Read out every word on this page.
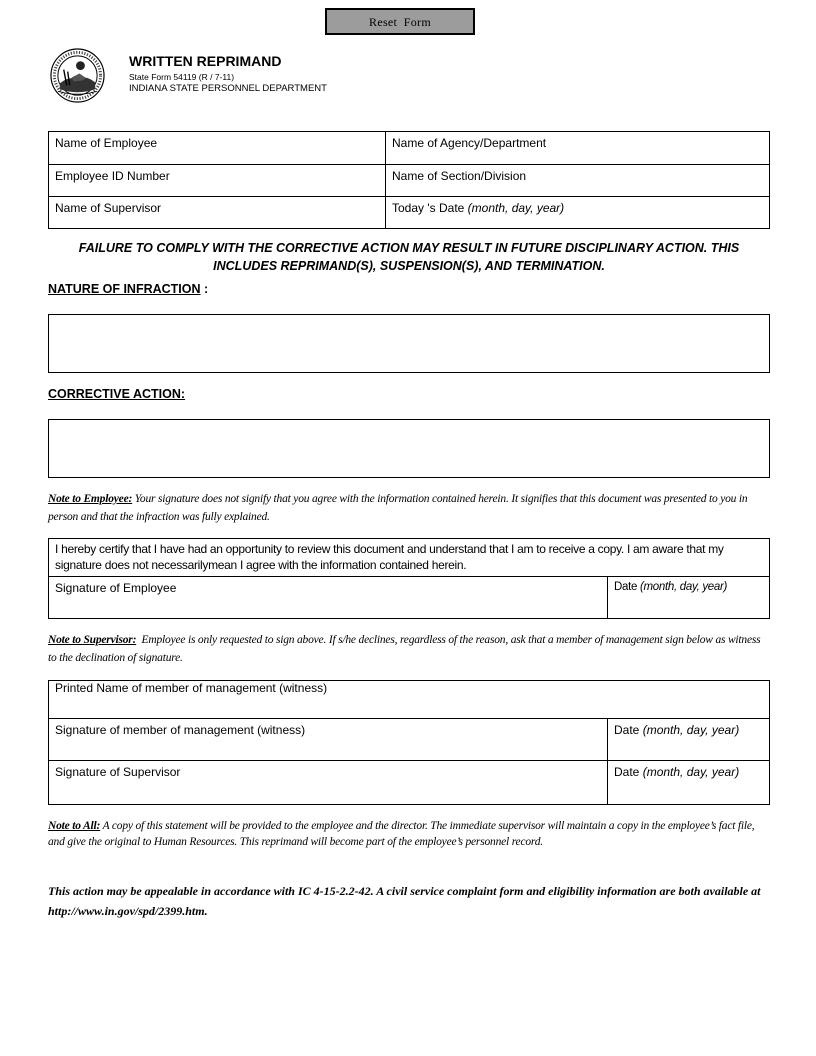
Reset  Form
WRITTEN REPRIMAND
State Form 54119 (R / 7-11)
INDIANA STATE PERSONNEL DEPARTMENT
Name of Employee	Name of Agency/Department
Employee ID Number	Name of Section/Division
Name of Supervisor	Today 's Date (month, day, year)
FAILURE TO COMPLY WITH THE CORRECTIVE ACTION MAY RESULT IN FUTURE DISCIPLINARY ACTION. THIS INCLUDES REPRIMAND(S), SUSPENSION(S), AND TERMINATION.
NATURE OF INFRACTION :
CORRECTIVE ACTION:
Note to Employee: Your signature does not signify that you agree with the information contained herein. It signifies that this document was presented to you in person and that the infraction was fully explained.
I hereby certify that I have had an opportunity to review this document and understand that I am to receive a copy. I am aware that my signature does not necessarilymean I agree with the information contained herein.
Signature of Employee	Date (month, day, year)
Note to Supervisor:  Employee is only requested to sign above. If s/he declines, regardless of the reason, ask that a member of management sign below as witness to the declination of signature.
Printed Name of member of management (witness)	
Signature of member of management (witness)	Date (month, day, year)
Signature of Supervisor	Date (month, day, year)
Note to All: A copy of this statement will be provided to the employee and the director. The immediate supervisor will maintain a copy in the employee’s fact file, and give the original to Human Resources. This reprimand will become part of the employee’s personnel record.
This action may be appealable in accordance with IC 4-15-2.2-42. A civil service complaint form and eligibility information are both available at http://www.in.gov/spd/2399.htm.
